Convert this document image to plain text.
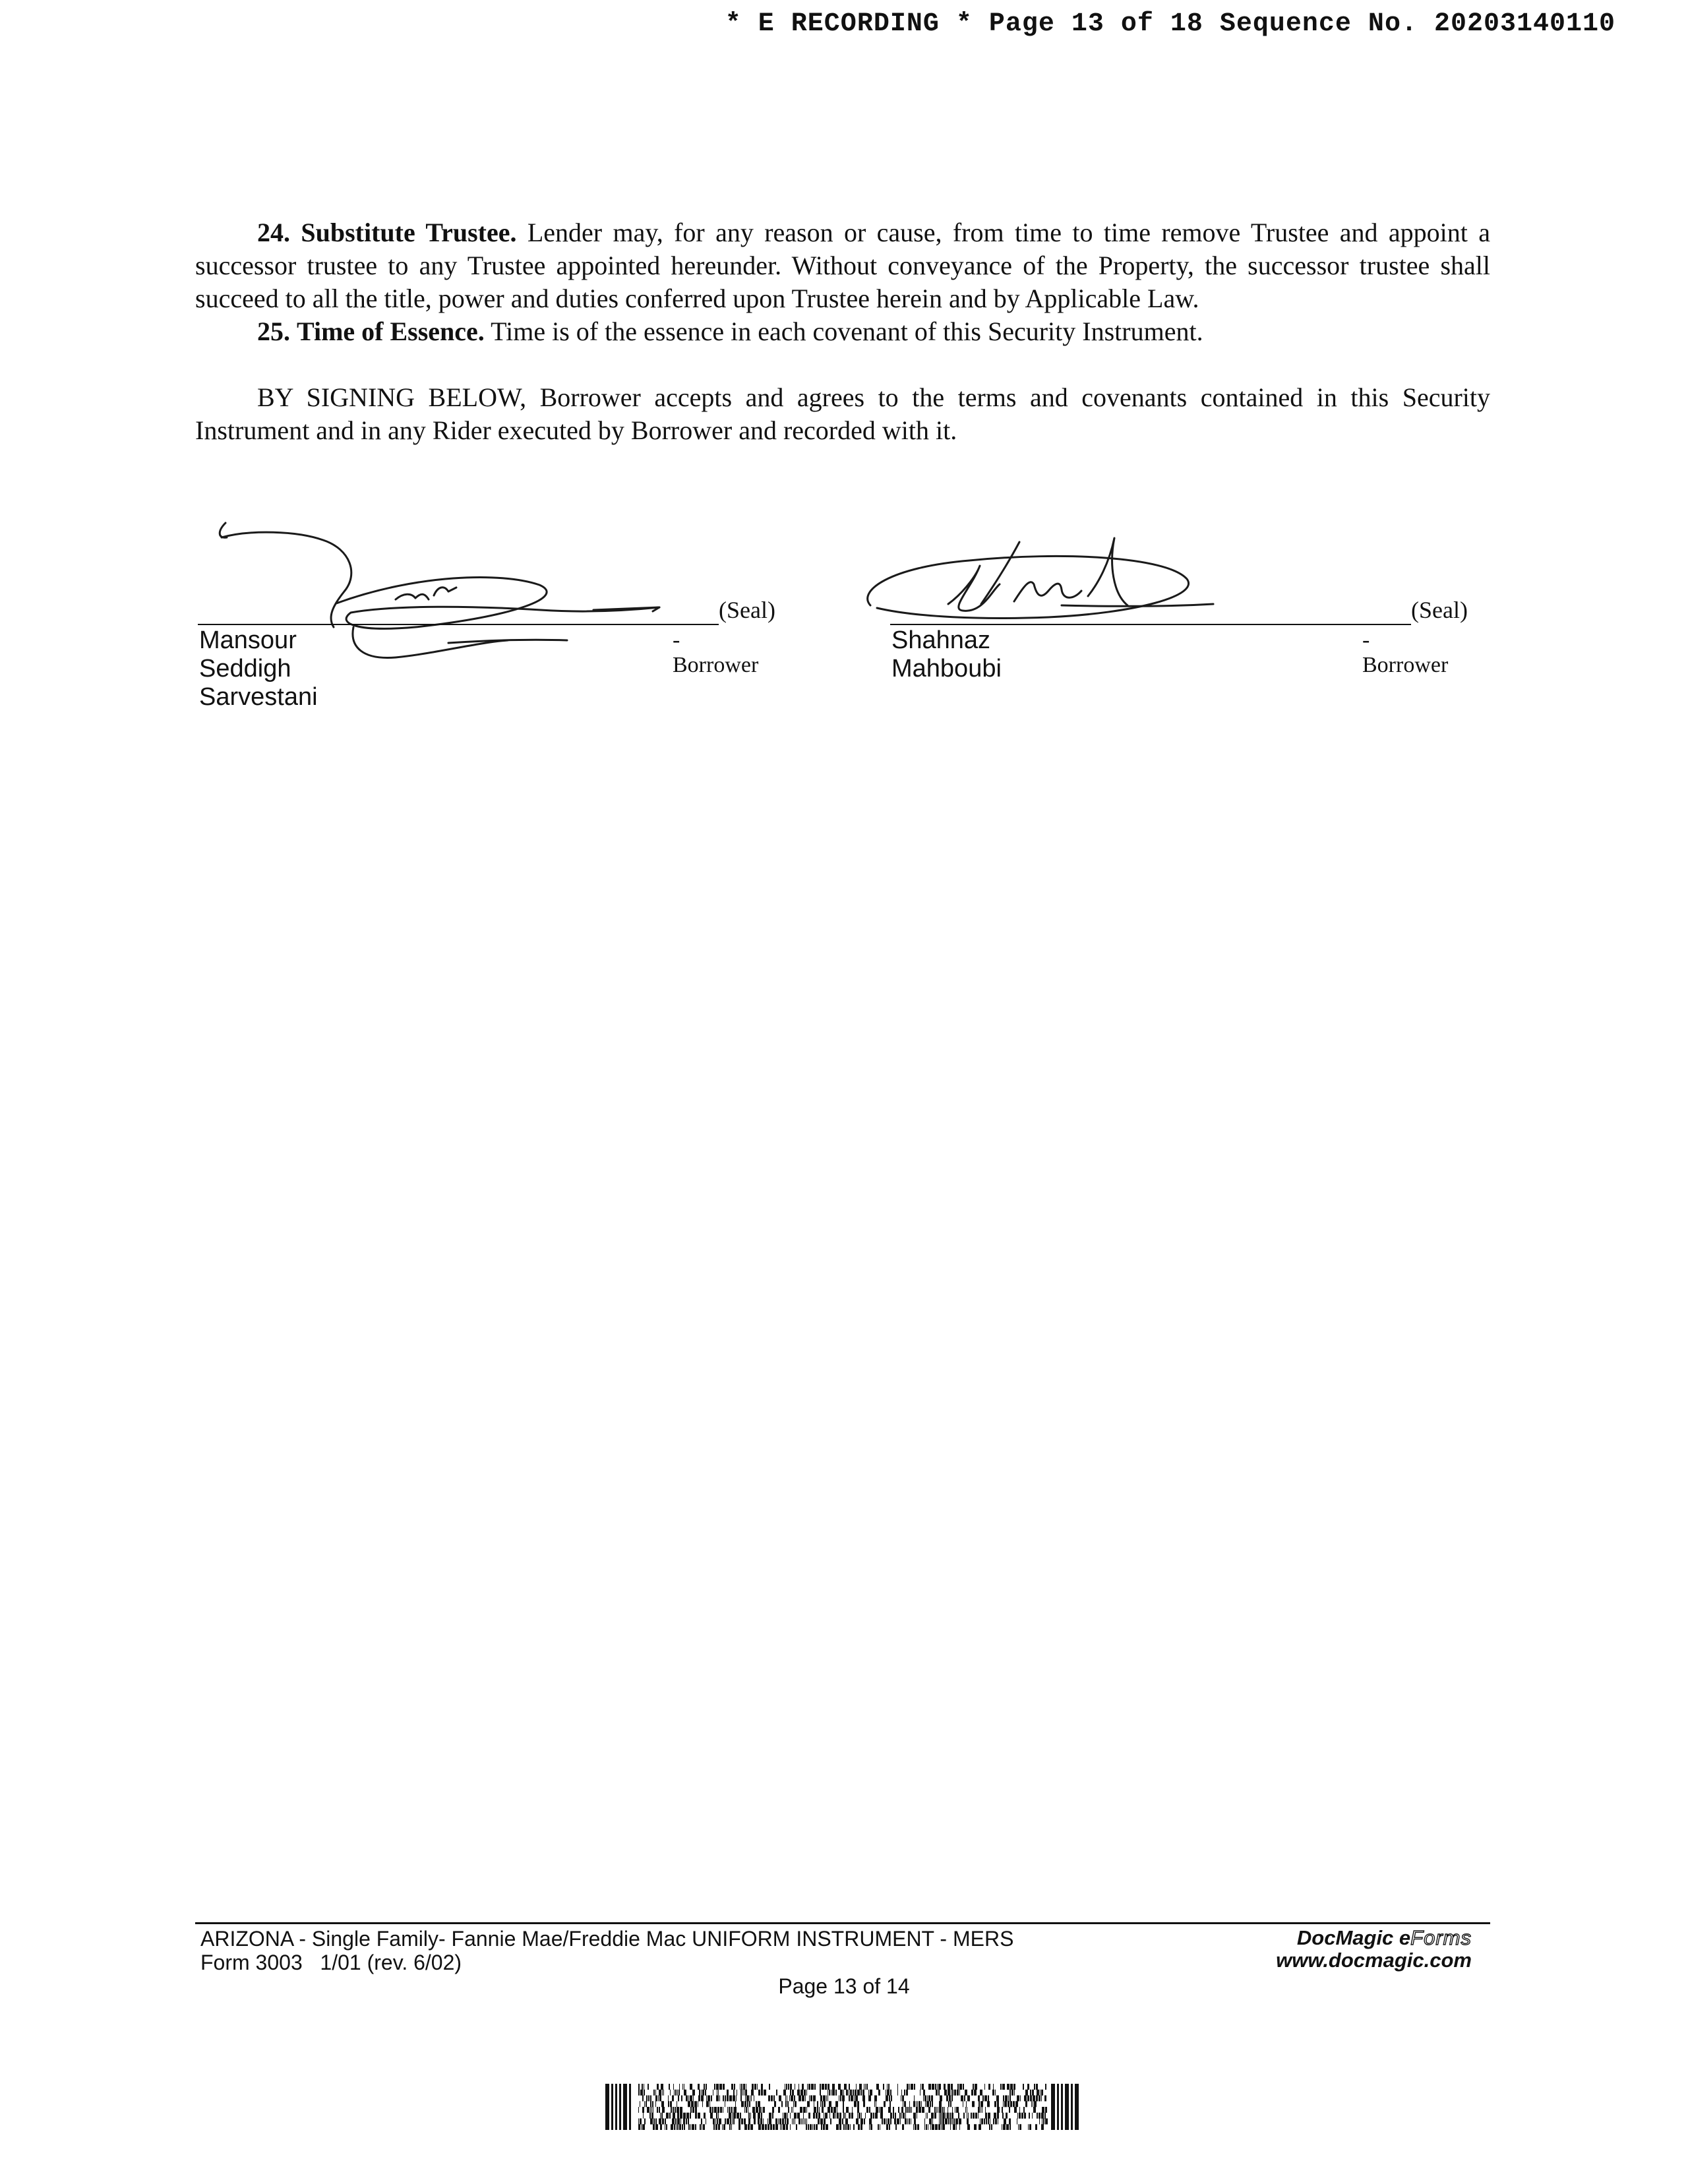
* E RECORDING * Page 13 of 18 Sequence No. 20203140110

24. Substitute Trustee. Lender may, for any reason or cause, from time to time remove Trustee and appoint a successor trustee to any Trustee appointed hereunder. Without conveyance of the Property, the successor trustee shall succeed to all the title, power and duties conferred upon Trustee herein and by Applicable Law.

25. Time of Essence. Time is of the essence in each covenant of this Security Instrument.

BY SIGNING BELOW, Borrower accepts and agrees to the terms and covenants contained in this Security Instrument and in any Rider executed by Borrower and recorded with it.

(Seal)
Mansour Seddigh Sarvestani
-Borrower
(Seal)
Shahnaz Mahboubi
-Borrower
ARIZONA - Single Family- Fannie Mae/Freddie Mac UNIFORM INSTRUMENT - MERS
Form 3003   1/01 (rev. 6/02)
DocMagic eForms
www.docmagic.com
Page 13 of 14
